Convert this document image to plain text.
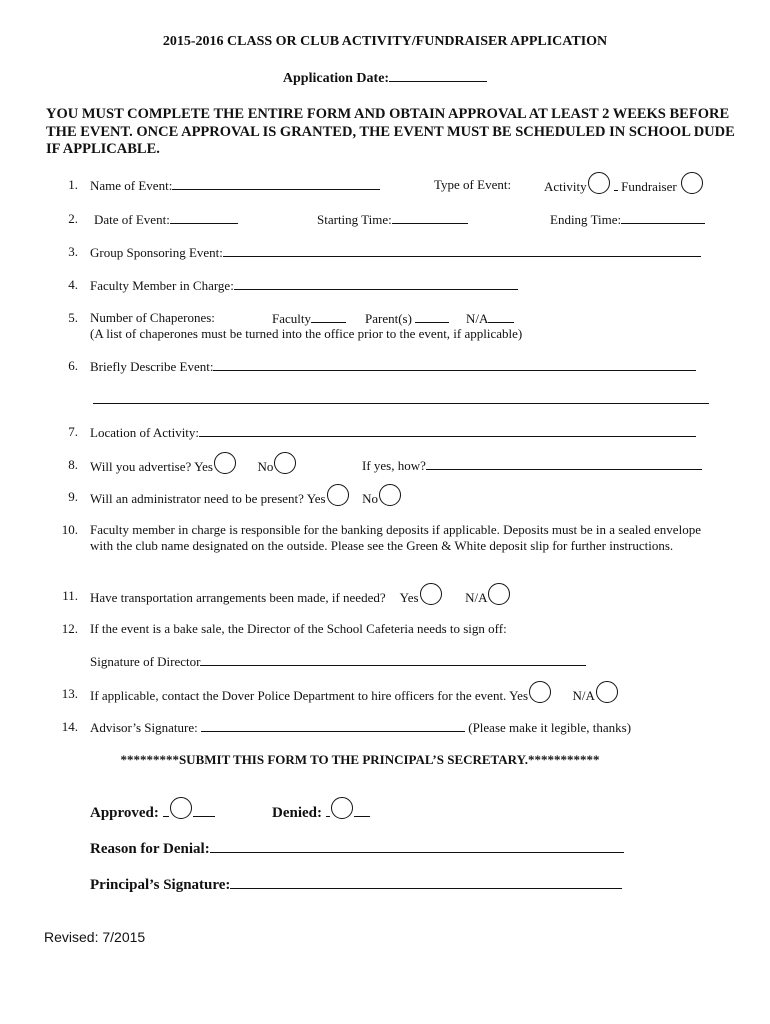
2015-2016 CLASS OR CLUB ACTIVITY/FUNDRAISER APPLICATION
Application Date:
YOU MUST COMPLETE THE ENTIRE FORM AND OBTAIN APPROVAL AT LEAST 2 WEEKS BEFORE THE EVENT. ONCE APPROVAL IS GRANTED, THE EVENT MUST BE SCHEDULED IN SCHOOL DUDE IF APPLICABLE.
1. Name of Event:	Type of Event:	Activity	Fundraiser
2. Date of Event:	Starting Time:	Ending Time:
3. Group Sponsoring Event:
4. Faculty Member in Charge:
5. Number of Chaperones:	Faculty	Parent(s)	N/A
(A list of chaperones must be turned into the office prior to the event, if applicable)
6. Briefly Describe Event:
7. Location of Activity:
8. Will you advertise? Yes	No	If yes, how?
9. Will an administrator need to be present? Yes	No
10. Faculty member in charge is responsible for the banking deposits if applicable. Deposits must be in a sealed envelope with the club name designated on the outside. Please see the Green & White deposit slip for further instructions.
11. Have transportation arrangements been made, if needed? Yes	N/A
12. If the event is a bake sale, the Director of the School Cafeteria needs to sign off:
Signature of Director
13. If applicable, contact the Dover Police Department to hire officers for the event. Yes	N/A
14. Advisor’s Signature:	(Please make it legible, thanks)
*********SUBMIT THIS FORM TO THE PRINCIPAL’S SECRETARY.***********
Approved:	Denied:
Reason for Denial:
Principal’s Signature:
Revised: 7/2015
